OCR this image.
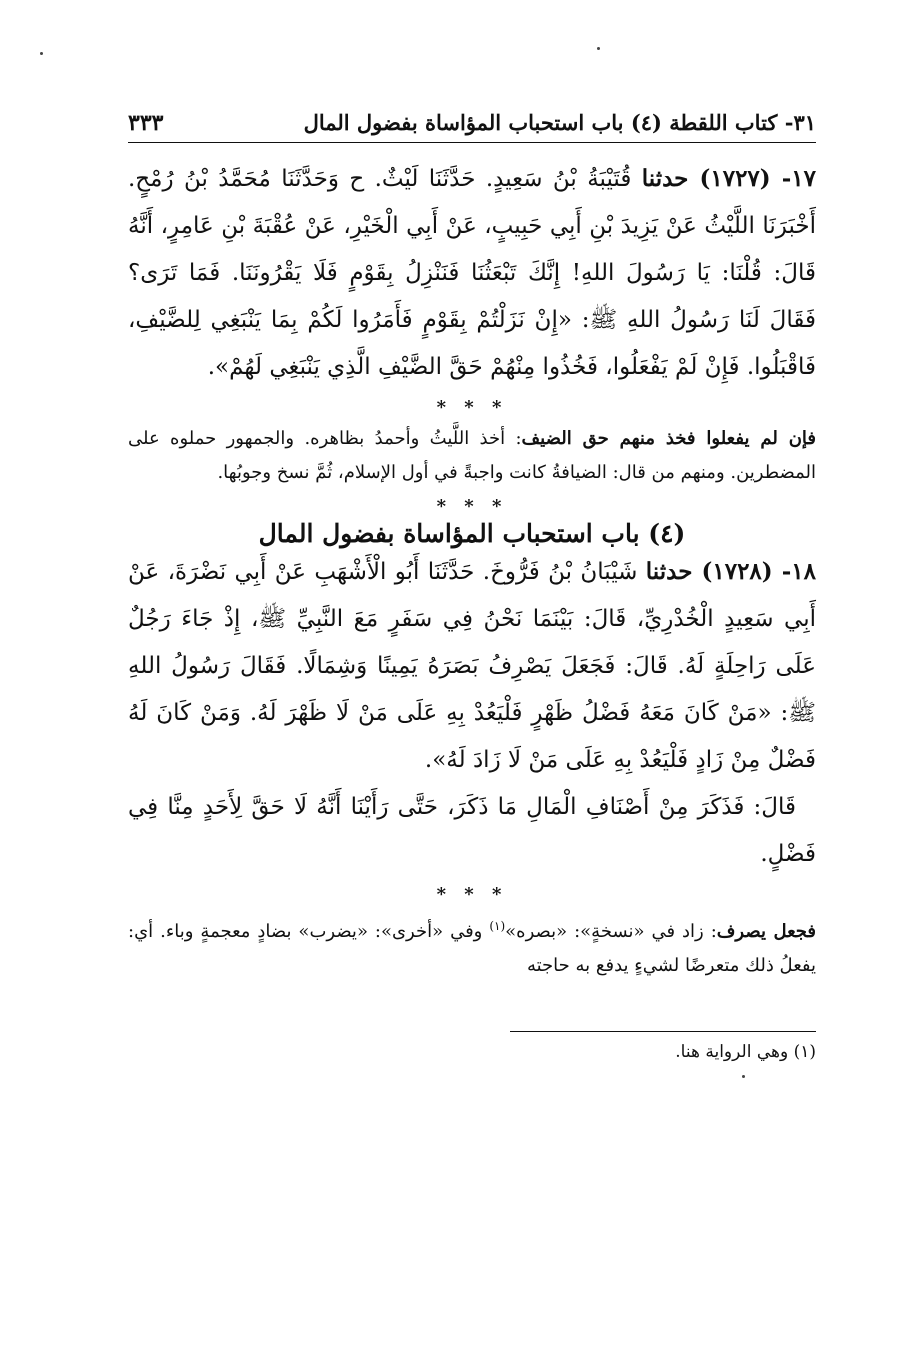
٣١- كتاب اللقطة (٤) باب استحباب المؤاساة بفضول المال
٣٣٣

١٧- (١٧٢٧) حدثنا قُتَيْبَةُ بْنُ سَعِيدٍ. حَدَّثَنَا لَيْثٌ. ح وَحَدَّثَنَا مُحَمَّدُ بْنُ رُمْحٍ. أَخْبَرَنَا اللَّيْثُ عَنْ يَزِيدَ بْنِ أَبِي حَبِيبٍ، عَنْ أَبِي الْخَيْرِ، عَنْ عُقْبَةَ بْنِ عَامِرٍ، أَنَّهُ قَالَ: قُلْنَا: يَا رَسُولَ اللهِ! إِنَّكَ تَبْعَثُنَا فَنَنْزِلُ بِقَوْمٍ فَلَا يَقْرُونَنَا. فَمَا تَرَى؟ فَقَالَ لَنَا رَسُولُ اللهِ ﷺ: «إِنْ نَزَلْتُمْ بِقَوْمٍ فَأَمَرُوا لَكُمْ بِمَا يَنْبَغِي لِلضَّيْفِ، فَاقْبَلُوا. فَإِنْ لَمْ يَفْعَلُوا، فَخُذُوا مِنْهُمْ حَقَّ الضَّيْفِ الَّذِي يَنْبَغِي لَهُمْ».

* * *
فإن لم يفعلوا فخذ منهم حق الضيف: أخذ اللَّيثُ وأحمدُ بظاهره. والجمهور حملوه على المضطرين. ومنهم من قال: الضيافةُ كانت واجبةً في أول الإسلام، ثُمَّ نسخ وجوبُها.
* * *
(٤) باب استحباب المؤاساة بفضول المال

١٨- (١٧٢٨) حدثنا شَيْبَانُ بْنُ فَرُّوخَ. حَدَّثَنَا أَبُو الْأَشْهَبِ عَنْ أَبِي نَضْرَةَ، عَنْ أَبِي سَعِيدٍ الْخُدْرِيِّ، قَالَ: بَيْنَمَا نَحْنُ فِي سَفَرٍ مَعَ النَّبِيِّ ﷺ، إِذْ جَاءَ رَجُلٌ عَلَى رَاحِلَةٍ لَهُ. قَالَ: فَجَعَلَ يَصْرِفُ بَصَرَهُ يَمِينًا وَشِمَالًا. فَقَالَ رَسُولُ اللهِ ﷺ: «مَنْ كَانَ مَعَهُ فَضْلُ ظَهْرٍ فَلْيَعُدْ بِهِ عَلَى مَنْ لَا ظَهْرَ لَهُ. وَمَنْ كَانَ لَهُ فَضْلٌ مِنْ زَادٍ فَلْيَعُدْ بِهِ عَلَى مَنْ لَا زَادَ لَهُ».

قَالَ: فَذَكَرَ مِنْ أَصْنَافِ الْمَالِ مَا ذَكَرَ، حَتَّى رَأَيْنَا أَنَّهُ لَا حَقَّ لِأَحَدٍ مِنَّا فِي فَضْلٍ.

* * *
فجعل يصرف: زاد في «نسخةٍ»: «بصره»$^{(١)}$ وفي «أخرى»: «يضرب» بضادٍ معجمةٍ وباء. أي: يفعلُ ذلك متعرضًا لشيءٍ يدفع به حاجته
(١) وهي الرواية هنا.
